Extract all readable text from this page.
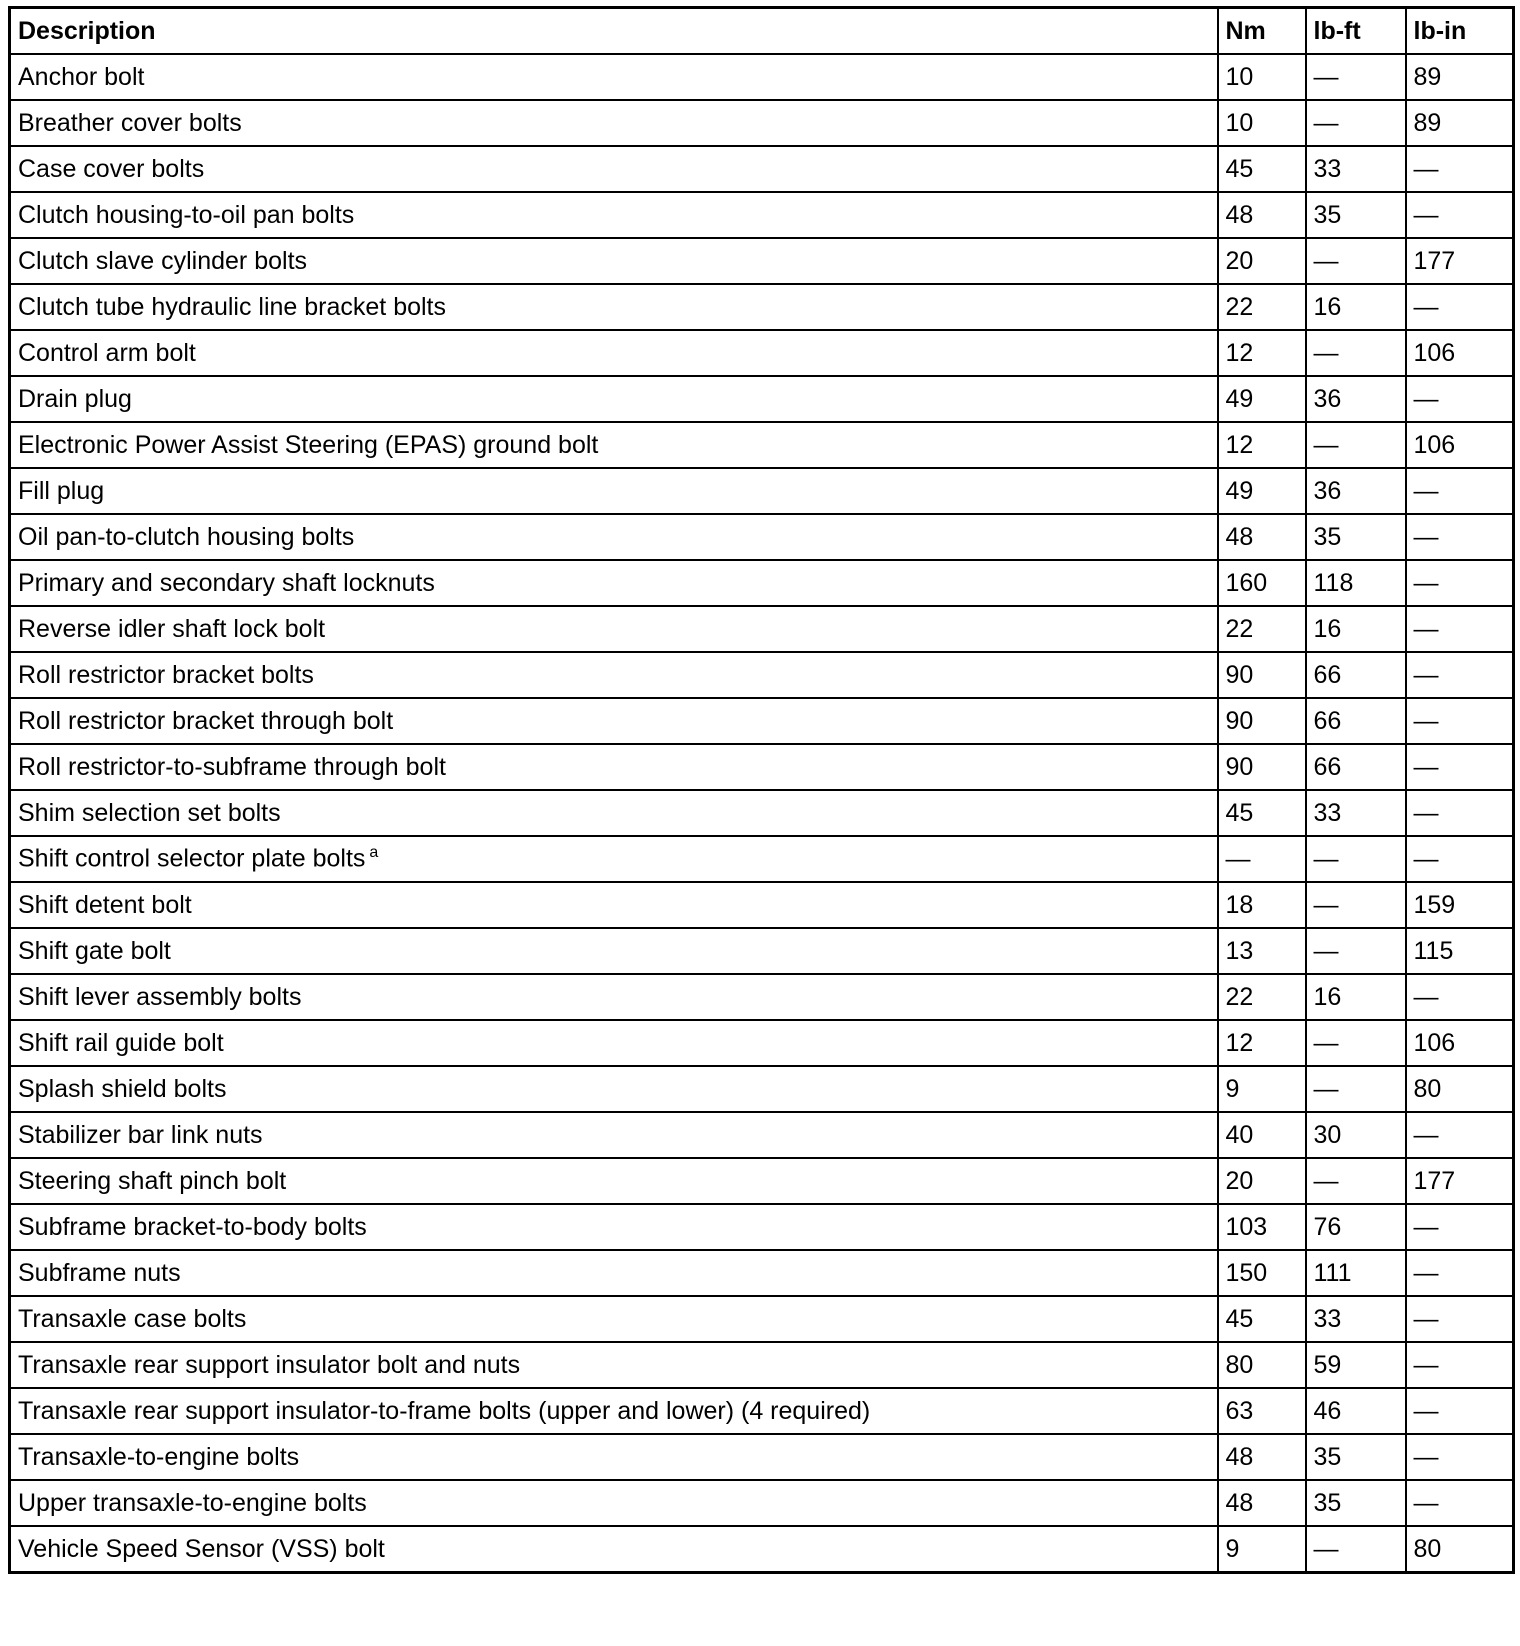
Description	Nm	lb-ft	lb-in
Anchor bolt	10	—	89
Breather cover bolts	10	—	89
Case cover bolts	45	33	—
Clutch housing-to-oil pan bolts	48	35	—
Clutch slave cylinder bolts	20	—	177
Clutch tube hydraulic line bracket bolts	22	16	—
Control arm bolt	12	—	106
Drain plug	49	36	—
Electronic Power Assist Steering (EPAS) ground bolt	12	—	106
Fill plug	49	36	—
Oil pan-to-clutch housing bolts	48	35	—
Primary and secondary shaft locknuts	160	118	—
Reverse idler shaft lock bolt	22	16	—
Roll restrictor bracket bolts	90	66	—
Roll restrictor bracket through bolt	90	66	—
Roll restrictor-to-subframe through bolt	90	66	—
Shim selection set bolts	45	33	—
Shift control selector plate bolts $^a$	—	—	—
Shift detent bolt	18	—	159
Shift gate bolt	13	—	115
Shift lever assembly bolts	22	16	—
Shift rail guide bolt	12	—	106
Splash shield bolts	9	—	80
Stabilizer bar link nuts	40	30	—
Steering shaft pinch bolt	20	—	177
Subframe bracket-to-body bolts	103	76	—
Subframe nuts	150	111	—
Transaxle case bolts	45	33	—
Transaxle rear support insulator bolt and nuts	80	59	—
Transaxle rear support insulator-to-frame bolts (upper and lower) (4 required)	63	46	—
Transaxle-to-engine bolts	48	35	—
Upper transaxle-to-engine bolts	48	35	—
Vehicle Speed Sensor (VSS) bolt	9	—	80
